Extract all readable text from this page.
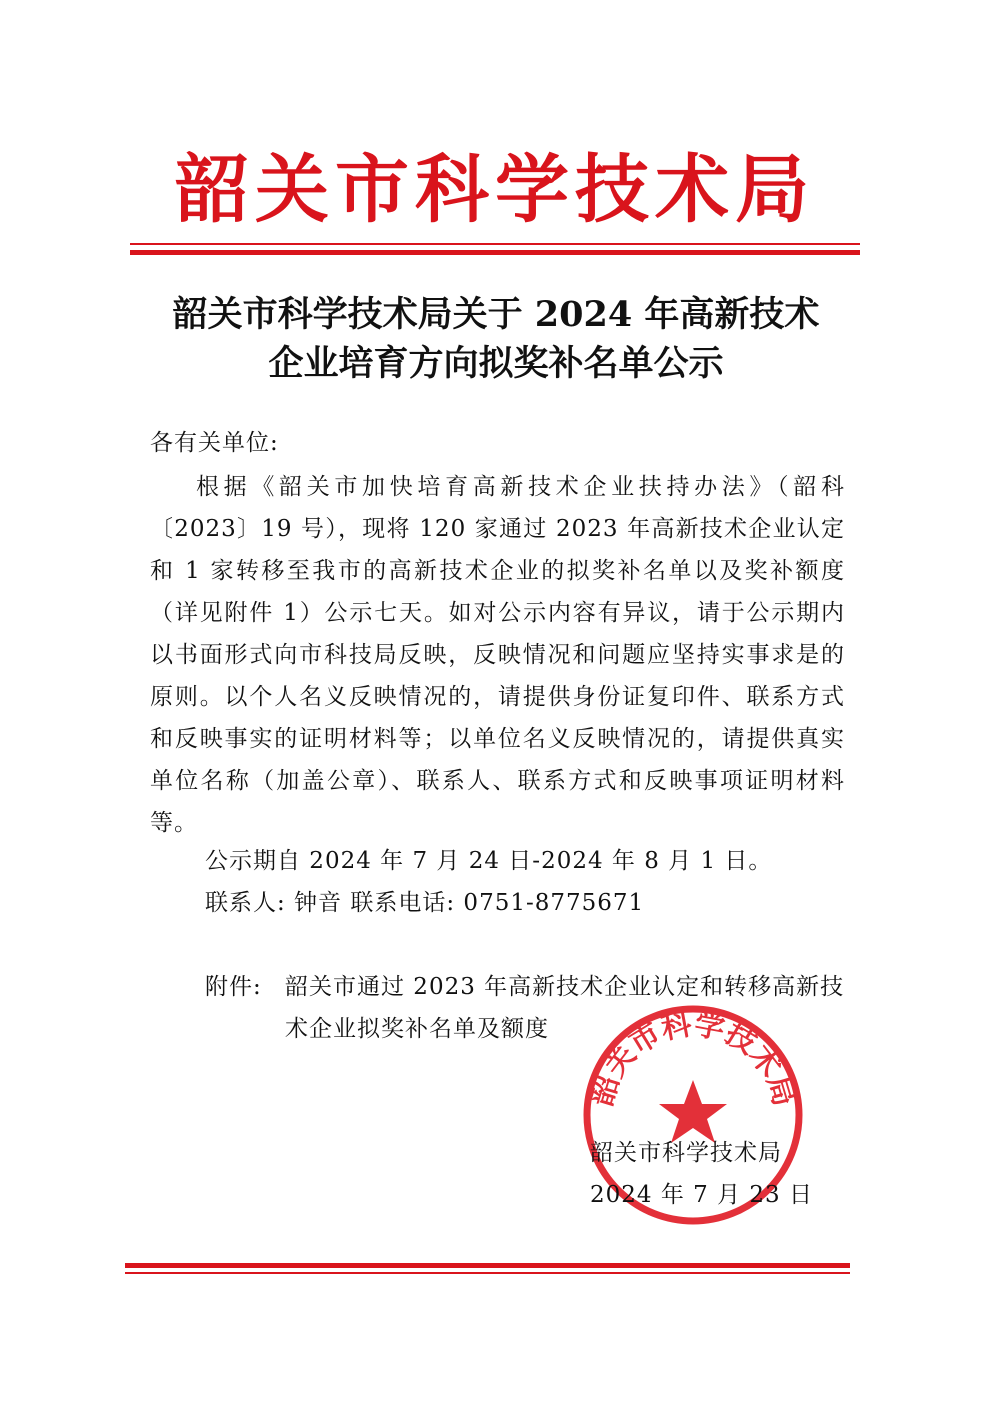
韶关市科学技术局
韶关市科学技术局关于 2024 年高新技术
企业培育方向拟奖补名单公示
各有关单位:

根据《韶关市加快培育高新技术企业扶持办法》（韶科〔2023〕19 号），现将 120 家通过 2023 年高新技术企业认定和 1 家转移至我市的高新技术企业的拟奖补名单以及奖补额度（详见附件 1）公示七天。如对公示内容有异议，请于公示期内以书面形式向市科技局反映，反映情况和问题应坚持实事求是的原则。以个人名义反映情况的，请提供身份证复印件、联系方式和反映事实的证明材料等；以单位名义反映情况的，请提供真实单位名称（加盖公章）、联系人、联系方式和反映事项证明材料等。

公示期自 2024 年 7 月 24 日-2024 年 8 月 1 日。
联系人: 钟音 联系电话: 0751-8775671
附件: 韶关市通过 2023 年高新技术企业认定和转移高新技术企业拟奖补名单及额度
韶关市科学技术局
韶关市科学技术局
2024 年 7 月 23 日
